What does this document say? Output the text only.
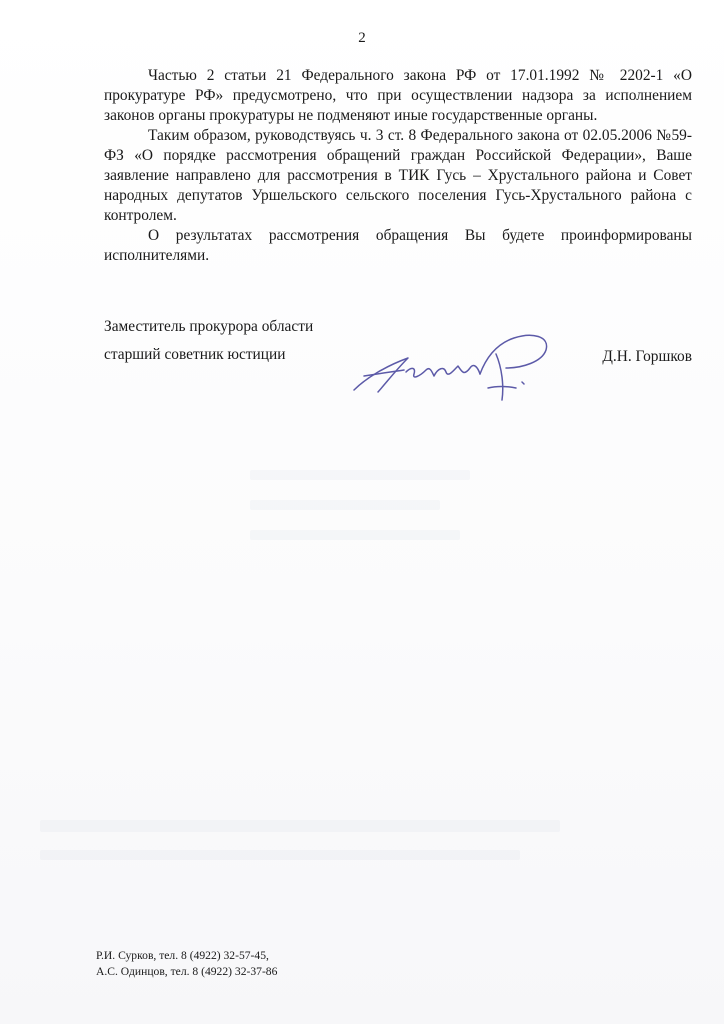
2

Частью 2 статьи 21 Федерального закона РФ от 17.01.1992 № 2202-1 «О прокуратуре РФ» предусмотрено, что при осуществлении надзора за исполнением законов органы прокуратуры не подменяют иные государственные органы.

Таким образом, руководствуясь ч. 3 ст. 8 Федерального закона от 02.05.2006 №59-ФЗ «О порядке рассмотрения обращений граждан Российской Федерации», Ваше заявление направлено для рассмотрения в ТИК Гусь – Хрустального района и Совет народных депутатов Уршельского сельского поселения Гусь-Хрустального района с контролем.

О результатах рассмотрения обращения Вы будете проинформированы исполнителями.

Заместитель прокурора области
старший советник юстиции	Д.Н. Горшков
Р.И. Сурков, тел. 8 (4922) 32-57-45,
А.С. Одинцов, тел. 8 (4922) 32-37-86
